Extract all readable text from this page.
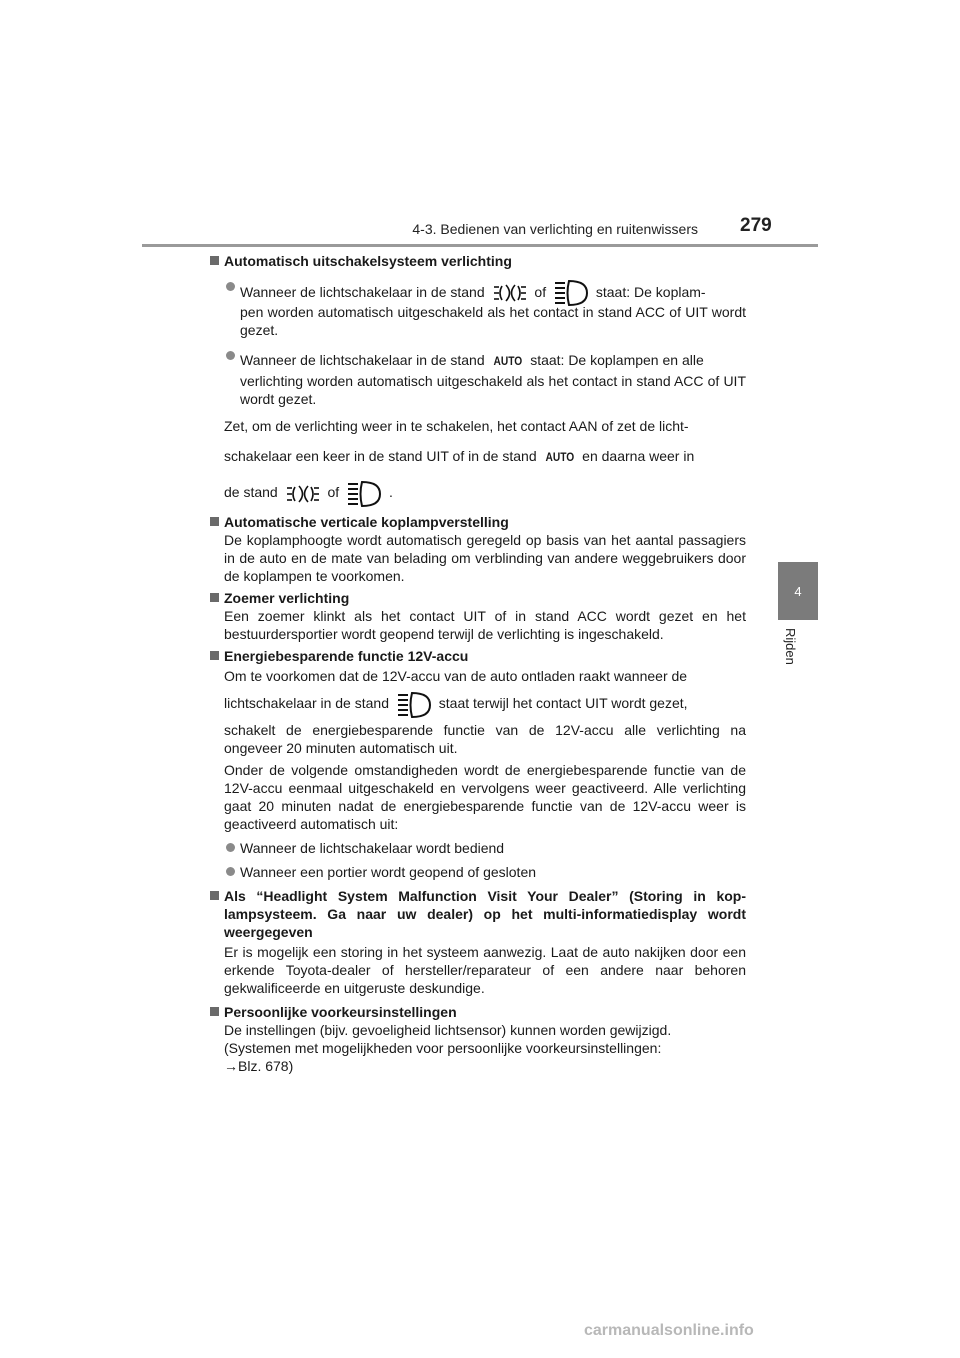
4-3. Bedienen van verlichting en ruitenwissers 279
4
Rijden

Automatisch uitschakelsysteem verlichting

Wanneer de lichtschakelaar in de stand	of	staat: De koplam-

pen worden automatisch uitgeschakeld als het contact in stand ACC of UIT wordt gezet.

Wanneer de lichtschakelaar in de stand AUTO staat: De koplampen en alle

verlichting worden automatisch uitgeschakeld als het contact in stand ACC of UIT wordt gezet.

Zet, om de verlichting weer in te schakelen, het contact AAN of zet de licht-

schakelaar een keer in de stand UIT of in de stand AUTO en daarna weer in

de stand	of	.

Automatische verticale koplampverstelling

De koplamphoogte wordt automatisch geregeld op basis van het aantal passagiers in de auto en de mate van belading om verblinding van andere weggebruikers door de koplampen te voorkomen.

Zoemer verlichting

Een zoemer klinkt als het contact UIT of in stand ACC wordt gezet en het bestuurdersportier wordt geopend terwijl de verlichting is ingeschakeld.

Energiebesparende functie 12V-accu

Om te voorkomen dat de 12V-accu van de auto ontladen raakt wanneer de

lichtschakelaar in de stand	staat terwijl het contact UIT wordt gezet,

schakelt de energiebesparende functie van de 12V-accu alle verlichting na ongeveer 20 minuten automatisch uit.

Onder de volgende omstandigheden wordt de energiebesparende functie van de 12V-accu eenmaal uitgeschakeld en vervolgens weer geactiveerd. Alle verlichting gaat 20 minuten nadat de energiebesparende functie van de 12V-accu weer is geactiveerd automatisch uit:

Wanneer de lichtschakelaar wordt bediend

Wanneer een portier wordt geopend of gesloten

Als “Headlight System Malfunction Visit Your Dealer” (Storing in kop-lampsysteem. Ga naar uw dealer) op het multi-informatiedisplay wordt weergegeven

Er is mogelijk een storing in het systeem aanwezig. Laat de auto nakijken door een erkende Toyota-dealer of hersteller/reparateur of een andere naar behoren gekwalificeerde en uitgeruste deskundige.

Persoonlijke voorkeursinstellingen

De instellingen (bijv. gevoeligheid lichtsensor) kunnen worden gewijzigd.

(Systemen met mogelijkheden voor persoonlijke voorkeursinstellingen:

→Blz. 678)

carmanualsonline.info
